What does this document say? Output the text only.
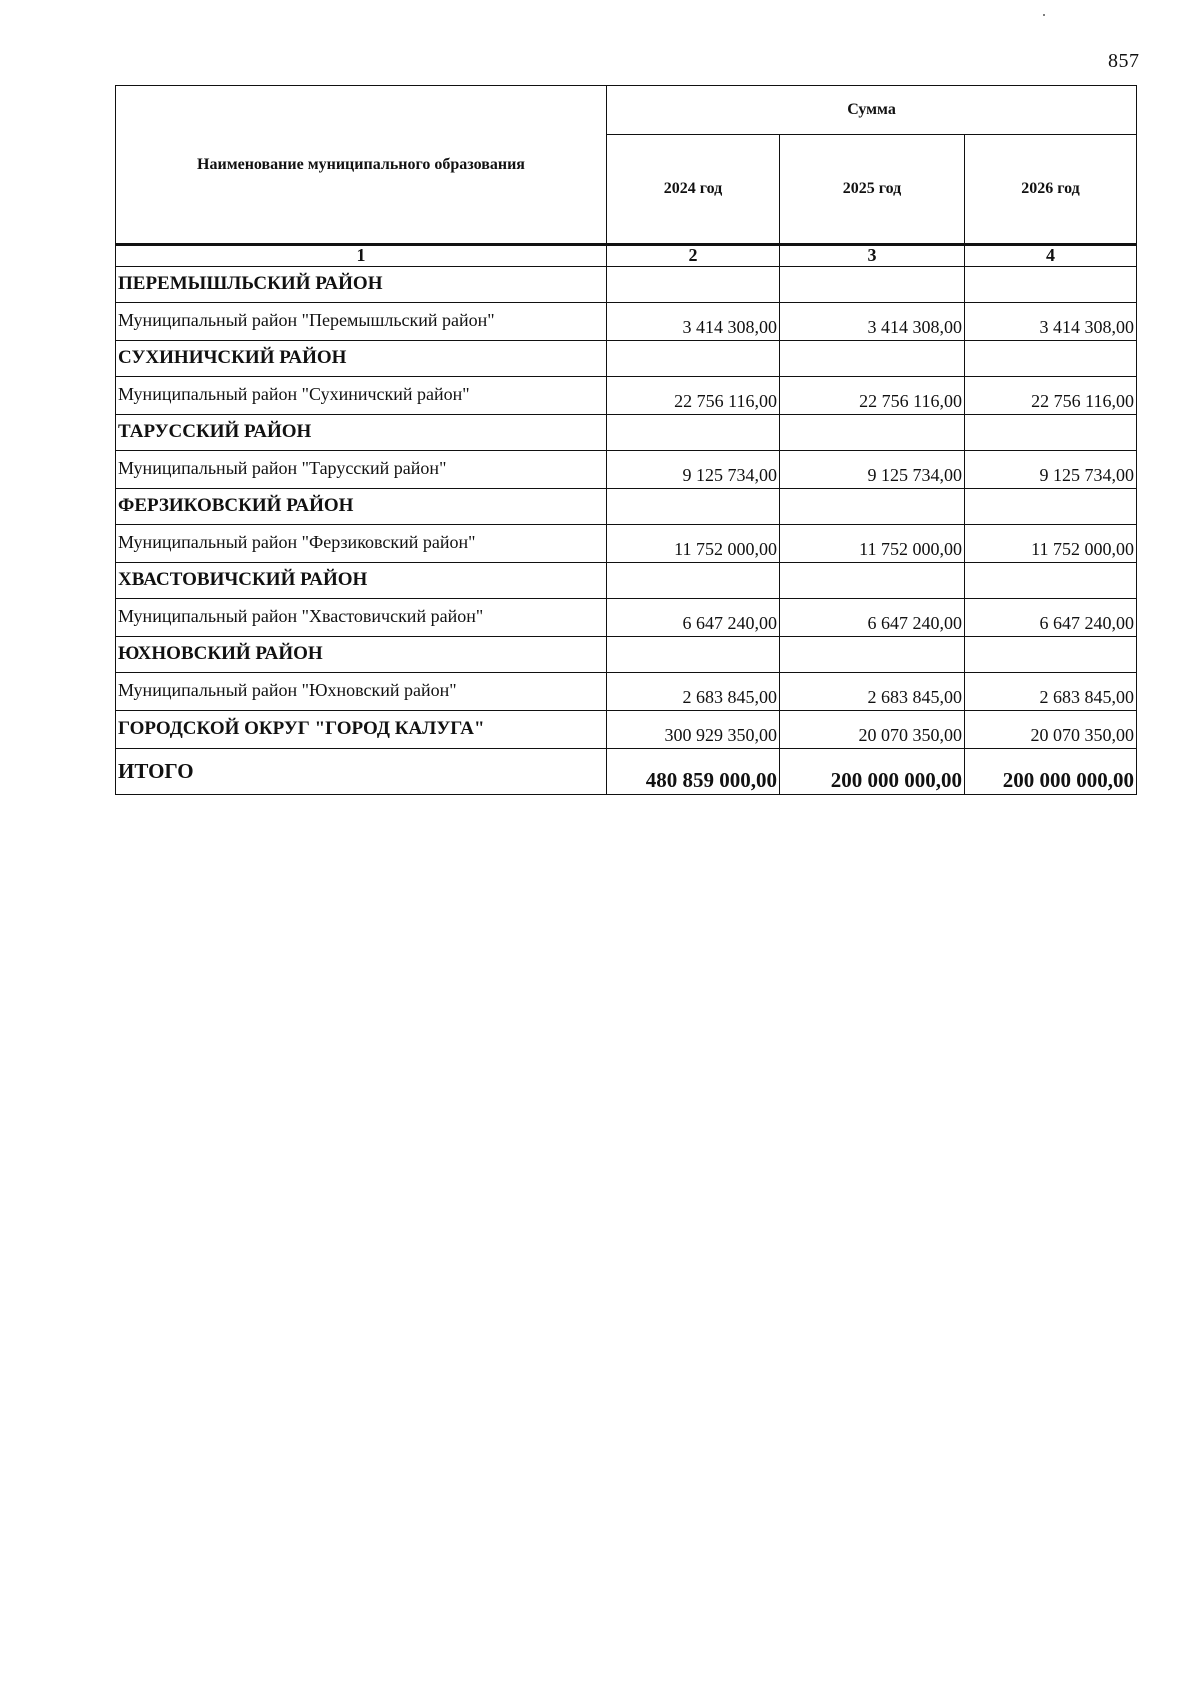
857
Наименование муниципального образования	Сумма		
	2024 год	2025 год	2026 год
1	2	3	4
ПЕРЕМЫШЛЬСКИЙ РАЙОН			
Муниципальный район "Перемышльский район"	3 414 308,00	3 414 308,00	3 414 308,00
СУХИНИЧСКИЙ РАЙОН			
Муниципальный район "Сухиничский район"	22 756 116,00	22 756 116,00	22 756 116,00
ТАРУССКИЙ РАЙОН			
Муниципальный район "Тарусский район"	9 125 734,00	9 125 734,00	9 125 734,00
ФЕРЗИКОВСКИЙ РАЙОН			
Муниципальный район "Ферзиковский район"	11 752 000,00	11 752 000,00	11 752 000,00
ХВАСТОВИЧСКИЙ РАЙОН			
Муниципальный район "Хвастовичский район"	6 647 240,00	6 647 240,00	6 647 240,00
ЮХНОВСКИЙ РАЙОН			
Муниципальный район "Юхновский район"	2 683 845,00	2 683 845,00	2 683 845,00
ГОРОДСКОЙ ОКРУГ "ГОРОД КАЛУГА"	300 929 350,00	20 070 350,00	20 070 350,00
ИТОГО	480 859 000,00	200 000 000,00	200 000 000,00
